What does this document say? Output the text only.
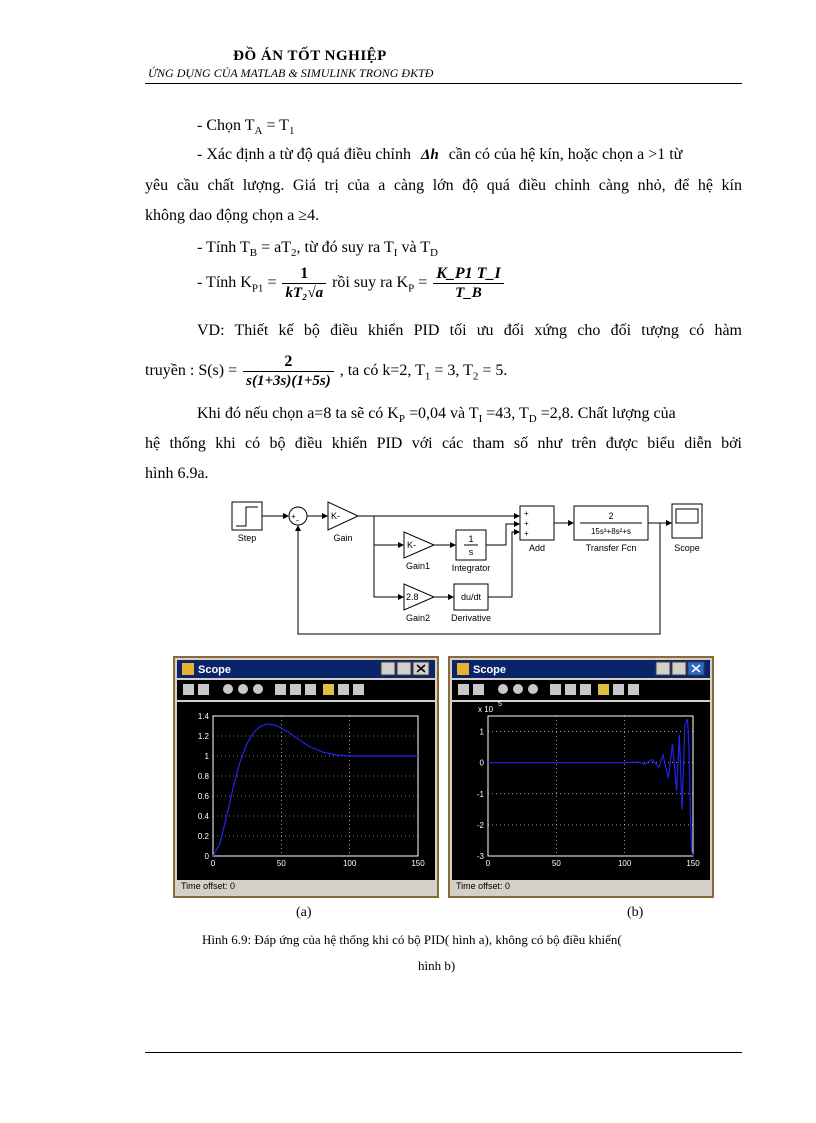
ĐỒ ÁN TỐT NGHIỆP
ỨNG DỤNG CỦA MATLAB & SIMULINK TRONG ĐKTĐ
- Chọn $T_A = T_1$
- Xác định a từ độ quá điều chỉnh Δh cần có của hệ kín, hoặc chọn a >1 từ
yêu cầu chất lượng. Giá trị của a càng lớn độ quá điều chỉnh càng nhỏ, để hệ kín
không dao động chọn a ≥4.
- Tính $T_B = aT_2$, từ đó suy ra $T_I$ và $T_D$
- Tính $K_{P1} = \frac{1}{\text{kT₂√a}}$ rồi suy ra $K_P = \frac{K\_P1 T\_I}{T\_B}$
VD: Thiết kế bộ điều khiển PID tối ưu đối xứng cho đối tượng có hàm
truyền : $S(s) = \frac{2}{s(1+3s)(1+5s)}$ , ta có k=2, $T_1 = 3$, $T_2 = 5$.
Khi đó nếu chọn a=8 ta sẽ có $K_P =0,04$ và $T_I =43$, $T_D =2,8$. Chất lượng của
hệ thống khi có bộ điều khiển PID với các tham số như trên được biểu diễn bởi
hình 6.9a.
Step
+ -	K-
Gain
K-
Gain1
1
s
Integrator
2.8
Gain2
du/dt
Derivative
+
+
+
Add
2
15s³+8s²+s
Transfer Fcn	Scope
Scope
1.4
1.2
1
0.8
0.6
0.4
0.2
0
0	50	100	150
Time offset: 0
Scope
x 10
5
1
0
-1
-2
-3
0	50	100	150
Time offset: 0
(a)	(b)
Hình 6.9: Đáp ứng của hệ thống khi có bộ PID( hình a), không có bộ điều khiển(
hình b)
